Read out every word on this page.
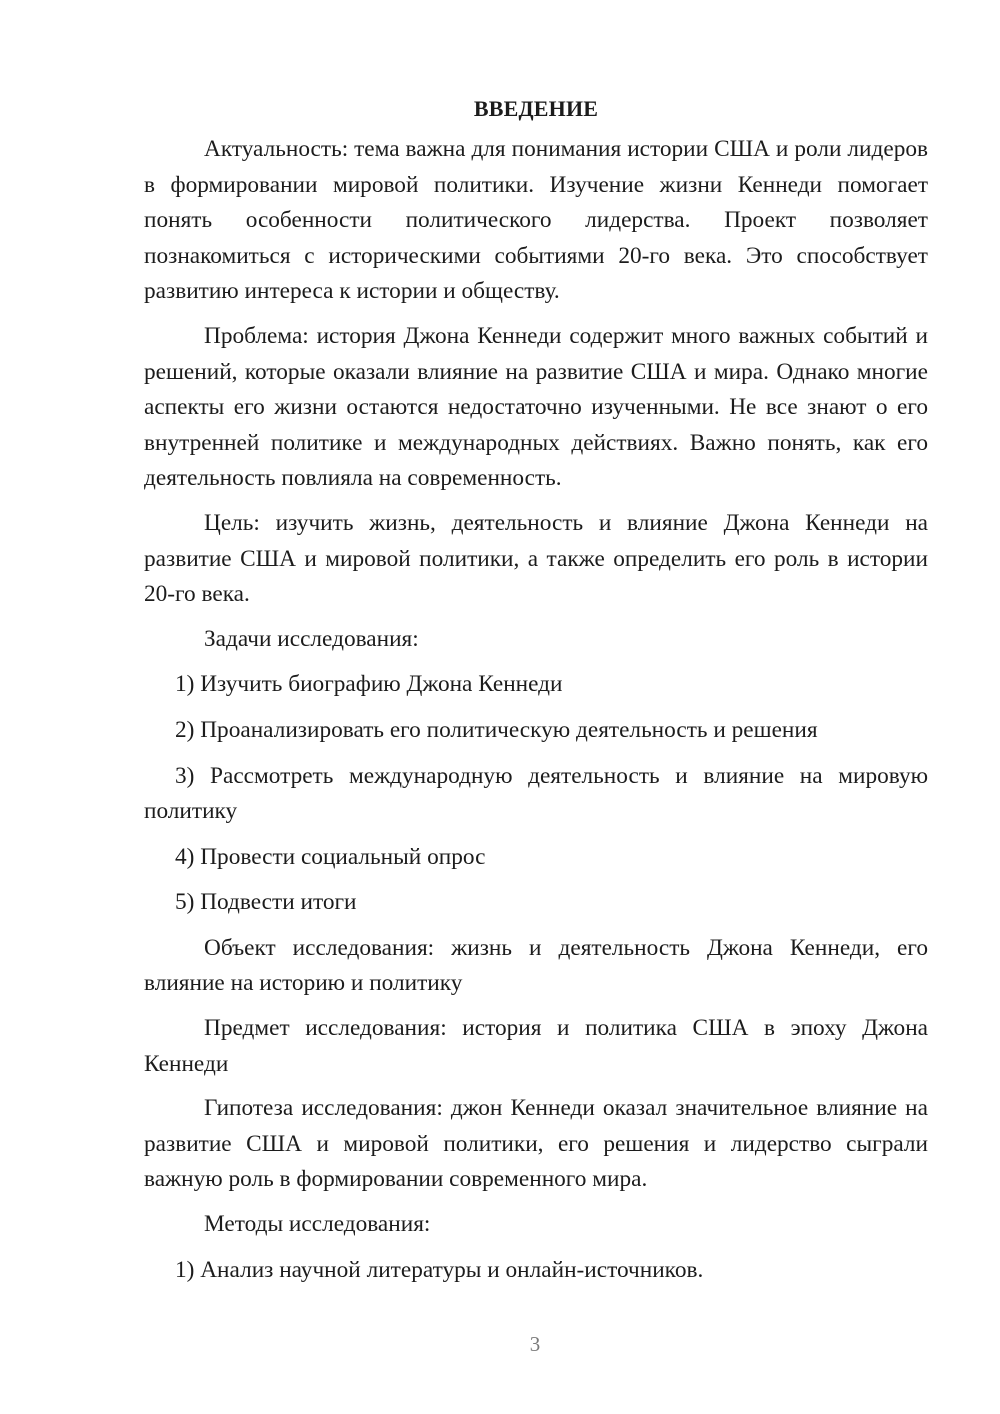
ВВЕДЕНИЕ

Актуальность: тема важна для понимания истории США и роли лидеров в формировании мировой политики. Изучение жизни Кеннеди помогает понять особенности политического лидерства. Проект позволяет познакомиться с историческими событиями 20-го века. Это способствует развитию интереса к истории и обществу.

Проблема: история Джона Кеннеди содержит много важных событий и решений, которые оказали влияние на развитие США и мира. Однако многие аспекты его жизни остаются недостаточно изученными. Не все знают о его внутренней политике и международных действиях. Важно понять, как его деятельность повлияла на современность.

Цель: изучить жизнь, деятельность и влияние Джона Кеннеди на развитие США и мировой политики, а также определить его роль в истории 20-го века.

Задачи исследования:

1) Изучить биографию Джона Кеннеди

2) Проанализировать его политическую деятельность и решения

3) Рассмотреть международную деятельность и влияние на мировую политику

4) Провести социальный опрос

5) Подвести итоги

Объект исследования: жизнь и деятельность Джона Кеннеди, его влияние на историю и политику

Предмет исследования: история и политика США в эпоху Джона Кеннеди

Гипотеза исследования: джон Кеннеди оказал значительное влияние на развитие США и мировой политики, его решения и лидерство сыграли важную роль в формировании современного мира.

Методы исследования:

1) Анализ научной литературы и онлайн-источников.

3
